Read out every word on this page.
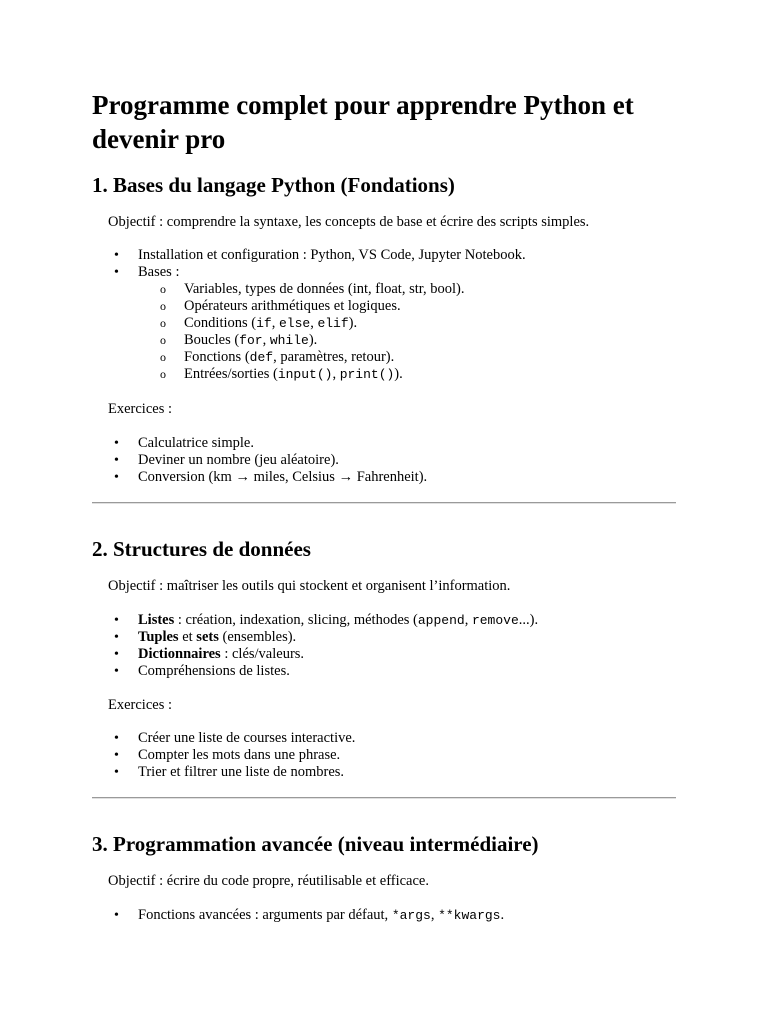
Programme complet pour apprendre Python et devenir pro
1. Bases du langage Python (Fondations)
Objectif : comprendre la syntaxe, les concepts de base et écrire des scripts simples.
• Installation et configuration : Python, VS Code, Jupyter Notebook.
• Bases :
o Variables, types de données (int, float, str, bool).
o Opérateurs arithmétiques et logiques.
o Conditions (if, else, elif).
o Boucles (for, while).
o Fonctions (def, paramètres, retour).
o Entrées/sorties (input(), print()).
Exercices :
• Calculatrice simple.
• Deviner un nombre (jeu aléatoire).
• Conversion (km → miles, Celsius → Fahrenheit).
2. Structures de données
Objectif : maîtriser les outils qui stockent et organisent l’information.
• Listes : création, indexation, slicing, méthodes (append, remove...).
• Tuples et sets (ensembles).
• Dictionnaires : clés/valeurs.
• Compréhensions de listes.
Exercices :
• Créer une liste de courses interactive.
• Compter les mots dans une phrase.
• Trier et filtrer une liste de nombres.
3. Programmation avancée (niveau intermédiaire)
Objectif : écrire du code propre, réutilisable et efficace.
• Fonctions avancées : arguments par défaut, *args, **kwargs.
